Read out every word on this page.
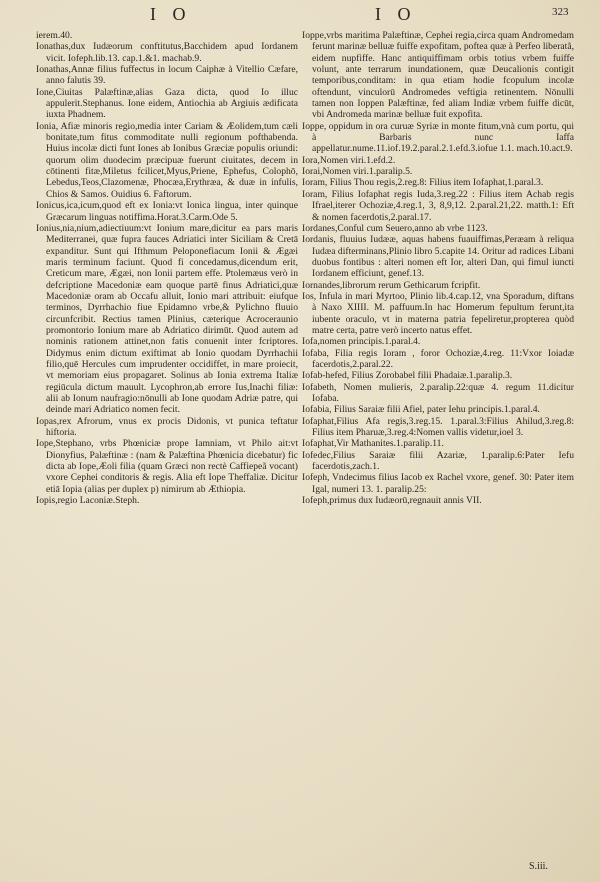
I O	I O	323

ierem.40.

Ionathas,dux Iudæorum conftitutus,Bacchidem apud Iordanem vicit. Iofeph.lib.13. cap.1.&1. machab.9.

Ionathas,Annæ filius fuffectus in locum Caiphæ à Vitellio Cæfare, anno falutis 39.

Ione,Ciuitas Palæftinæ,alias Gaza dicta, quod Io illuc appulerit.Stephanus. Ione eidem, Antiochia ab Argiuis ædificata iuxta Phadnem.

Ionia, Afiæ minoris regio,media inter Cariam & Æolidem,tum cæli bonitate,tum fitus commoditate nulli regionum pofthabenda. Huius incolæ dicti funt Iones ab Ionibus Græciæ populis oriundi: quorum olim duodecim præcipuæ fuerunt ciuitates, decem in cōtinenti fitæ,Miletus fcilicet,Myus,Priene, Ephefus, Colophō, Lebedus,Teos,Clazomenæ, Phocæa,Erythræa, & duæ in infulis, Chios & Samos. Ouidius 6. Faftorum.

Ionicus,ica,icum,quod eft ex Ionia:vt Ionica lingua, inter quinque Græcarum linguas notiffima.Horat.3.Carm.Ode 5.

Ionius,nia,nium,adiectiuum:vt Ionium mare,dicitur ea pars maris Mediterranei, quæ fupra fauces Adriatici inter Siciliam & Cretā expanditur. Sunt qui Ifthmum Peloponefiacum Ionii & Ægæi maris terminum faciunt. Quod fi concedamus,dicendum erit, Creticum mare, Ægæi, non Ionii partem effe. Ptolemæus verò in defcriptione Macedoniæ eam quoque partē finus Adriatici,quæ Macedoniæ oram ab Occafu alluit, Ionio mari attribuit: eiufque terminos, Dyrrhachio fiue Epidamno vrbe,& Pylichno fluuio circunfcribit. Rectius tamen Plinius, cæterique Acroceraunio promontorio Ionium mare ab Adriatico dirimūt. Quod autem ad nominis rationem attinet,non fatis conuenit inter fcriptores. Didymus enim dictum exiftimat ab Ionio quodam Dyrrhachii filio,quē Hercules cum imprudenter occidiffet, in mare proiecit, vt memoriam eius propagaret. Solinus ab Ionia extrema Italiæ regiūcula dictum mauult. Lycophron,ab errore Ius,Inachi filiæ: alii ab Ionum naufragio:nōnulli ab Ione quodam Adriæ patre, qui deinde mari Adriatico nomen fecit.

Iopas,rex Afrorum, vnus ex procis Didonis, vt punica teftatur hiftoria.

Iope,Stephano, vrbs Phœniciæ prope Iamniam, vt Philo ait:vt Dionyfius, Palæftinæ : (nam & Palæftina Phœnicia dicebatur) fic dicta ab Iope,Æoli filia (quam Græci non rectè Caffiepeã vocant) vxore Cephei conditoris & regis. Alia eft Iope Theffaliæ. Dicitur etiā Iopia (alias per duplex p) nimirum ab Æthiopia.

Iopis,regio Laconiæ.Steph.

Ioppe,vrbs maritima Palæftinæ, Cephei regia,circa quam Andromedam ferunt marinæ belluæ fuiffe expofitam, poftea quæ à Perfeo liberatã, eidem nupfiffe. Hanc antiquiffimam orbis totius vrbem fuiffe volunt, ante terrarum inundationem, quæ Deucalionis contigit temporibus,conditam: in qua etiam hodie fcopulum incolæ oftendunt, vinculorū Andromedes veftigia retinentem. Nōnulli tamen non Ioppen Palæftinæ, fed aliam Indiæ vrbem fuiffe dicūt, vbi Andromeda marinæ belluæ fuit expofita.

Ioppe, oppidum in ora curuæ Syriæ in monte fitum,vnà cum portu, qui à Barbaris nunc Iaffa appellatur.nume.11.iof.19.2.paral.2.1.efd.3.iofue 1.1. mach.10.act.9.

Iora,Nomen viri.1.efd.2.

Iorai,Nomen viri.1.paralip.5.

Ioram, Filius Thou regis,2.reg.8: Filius item Iofaphat,1.paral.3.

Ioram, Filius Iofaphat regis Iuda,3.reg.22 : Filius item Achab regis Ifrael,iterer Ochoziæ,4.reg.1, 3, 8,9,12. 2.paral.21,22. matth.1: Eft & nomen facerdotis,2.paral.17.

Iordanes,Conful cum Seuero,anno ab vrbe 1123.

Iordanis, fluuius Iudææ, aquas habens fuauiffimas,Peræam à reliqua Iudæa difterminans,Plinio libro 5.capite 14. Oritur ad radices Libani duobus fontibus : alteri nomen eft Ior, alteri Dan, qui fimul iuncti Iordanem efficiunt, genef.13.

Iornandes,librorum rerum Gethicarum fcripfit.

Ios, Infula in mari Myrtoo, Plinio lib.4.cap.12, vna Sporadum, diftans à Naxo XIIII. M. paffuum.In hac Homerum fepultum ferunt,ita iubente oraculo, vt in materna patria fepeliretur,propterea quòd matre certa, patre verò incerto natus effet.

Iofa,nomen principis.1.paral.4.

Iofaba, Filia regis Ioram , foror Ochoziæ,4.reg. 11:Vxor Ioiadæ facerdotis,2.paral.22.

Iofab-hefed, Filius Zorobabel filii Phadaiæ.1.paralip.3.

Iofabeth, Nomen mulieris, 2.paralip.22:quæ 4. regum 11.dicitur Iofaba.

Iofabia, Filius Saraiæ filii Afiel, pater Iehu principis.1.paral.4.

Iofaphat,Filius Afa regis,3.reg.15. 1.paral.3:Filius Ahilud,3.reg.8: Filius item Pharuæ,3.reg.4:Nomen vallis videtur,ioel 3.

Iofaphat,Vir Mathanites.1.paralip.11.

Iofedec,Filius Saraiæ filii Azariæ, 1.paralip.6:Pater Iefu facerdotis,zach.1.

Iofeph, Vndecimus filius Iacob ex Rachel vxore, genef. 30: Pater item Igal, numeri 13. 1. paralip.25:

Iofeph,primus dux Iudæorū,regnauit annis VII.

S.iii.
